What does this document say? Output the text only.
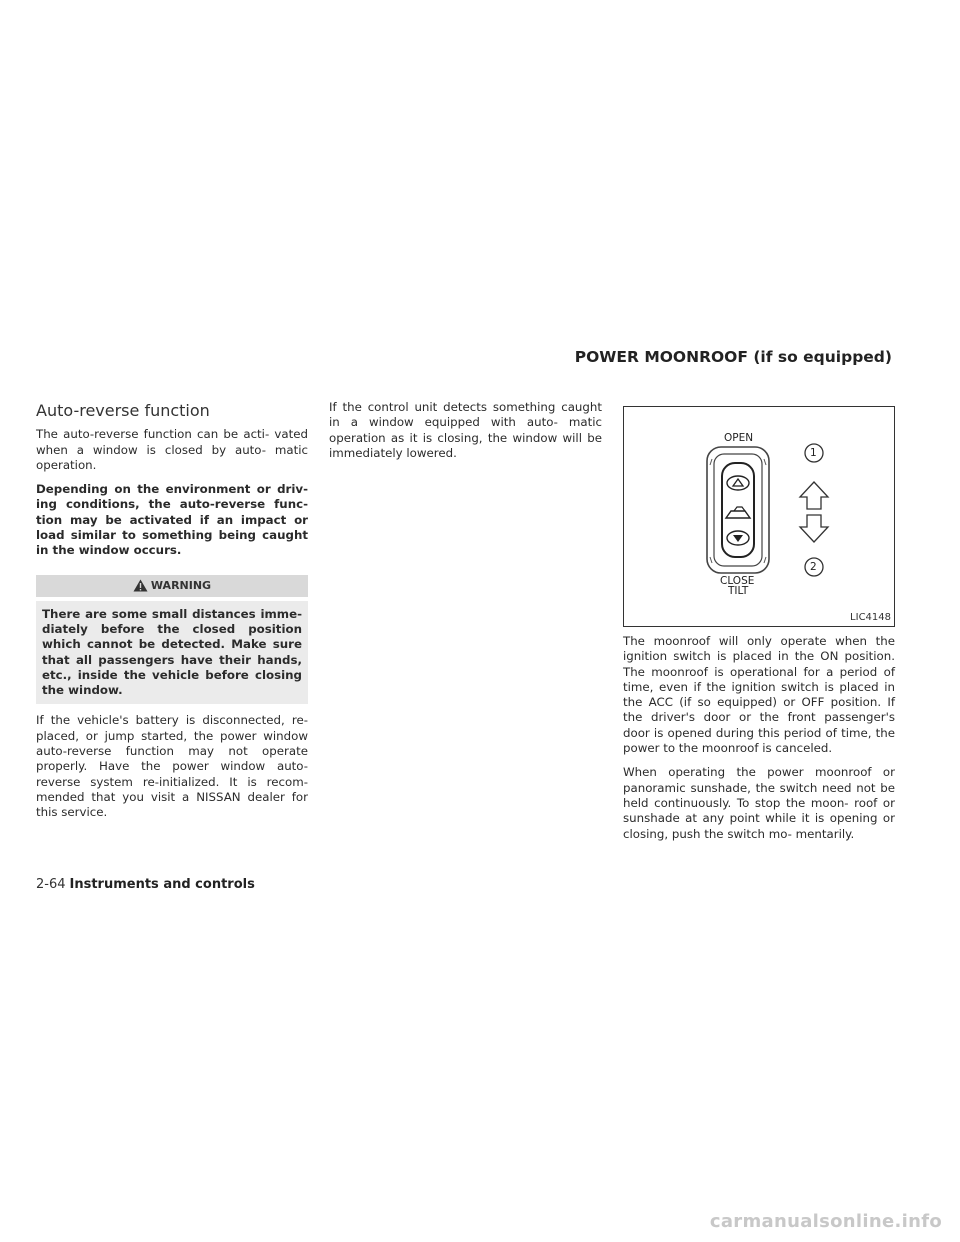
POWER MOONROOF (if so equipped)
Auto-reverse function

The auto-reverse function can be acti- vated when a window is closed by auto- matic operation.

Depending on the environment or driv- ing conditions, the auto-reverse func- tion may be activated if an impact or load similar to something being caught in the window occurs.

WARNING
There are some small distances imme- diately before the closed position which cannot be detected. Make sure that all passengers have their hands, etc., inside the vehicle before closing the window.

If the vehicle's battery is disconnected, re- placed, or jump started, the power window auto-reverse function may not operate properly. Have the power window auto- reverse system re-initialized. It is recom- mended that you visit a NISSAN dealer for this service.

If the control unit detects something caught in a window equipped with auto- matic operation as it is closing, the window will be immediately lowered.

OPEN
CLOSE
TILT
1
2
LIC4148

The moonroof will only operate when the ignition switch is placed in the ON position. The moonroof is operational for a period of time, even if the ignition switch is placed in the ACC (if so equipped) or OFF position. If the driver's door or the front passenger's door is opened during this period of time, the power to the moonroof is canceled.

When operating the power moonroof or panoramic sunshade, the switch need not be held continuously. To stop the moon- roof or sunshade at any point while it is opening or closing, push the switch mo- mentarily.

2-64 Instruments and controls
carmanualsonline.info
